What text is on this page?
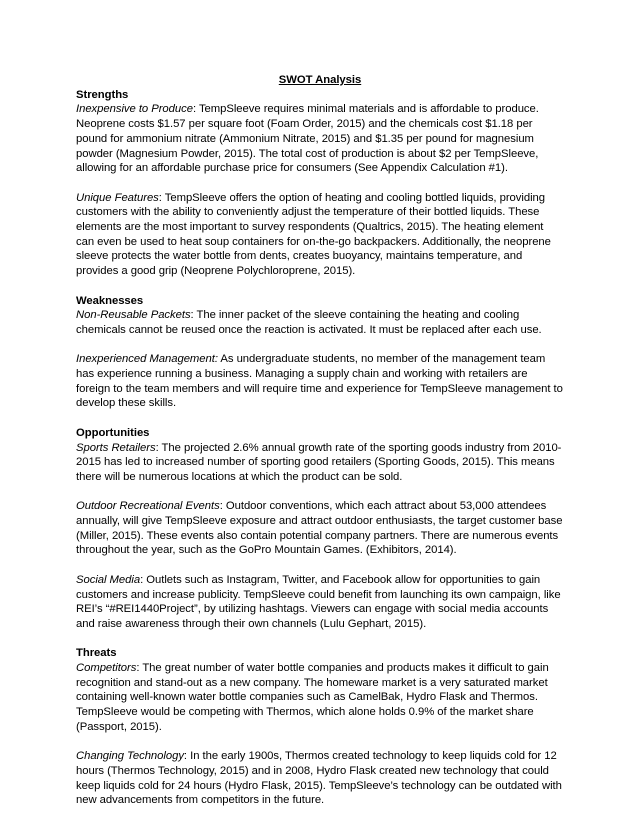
SWOT Analysis
Strengths

Inexpensive to Produce: TempSleeve requires minimal materials and is affordable to produce. Neoprene costs $1.57 per square foot (Foam Order, 2015) and the chemicals cost $1.18 per pound for ammonium nitrate (Ammonium Nitrate, 2015) and $1.35 per pound for magnesium powder (Magnesium Powder, 2015). The total cost of production is about $2 per TempSleeve, allowing for an affordable purchase price for consumers (See Appendix Calculation #1).

Unique Features: TempSleeve offers the option of heating and cooling bottled liquids, providing customers with the ability to conveniently adjust the temperature of their bottled liquids. These elements are the most important to survey respondents (Qualtrics, 2015). The heating element can even be used to heat soup containers for on-the-go backpackers. Additionally, the neoprene sleeve protects the water bottle from dents, creates buoyancy, maintains temperature, and provides a good grip (Neoprene Polychloroprene, 2015).

Weaknesses

Non-Reusable Packets: The inner packet of the sleeve containing the heating and cooling chemicals cannot be reused once the reaction is activated. It must be replaced after each use.

Inexperienced Management: As undergraduate students, no member of the management team has experience running a business. Managing a supply chain and working with retailers are foreign to the team members and will require time and experience for TempSleeve management to develop these skills.

Opportunities

Sports Retailers: The projected 2.6% annual growth rate of the sporting goods industry from 2010-2015 has led to increased number of sporting good retailers (Sporting Goods, 2015). This means there will be numerous locations at which the product can be sold.

Outdoor Recreational Events: Outdoor conventions, which each attract about 53,000 attendees annually, will give TempSleeve exposure and attract outdoor enthusiasts, the target customer base (Miller, 2015). These events also contain potential company partners. There are numerous events throughout the year, such as the GoPro Mountain Games. (Exhibitors, 2014).

Social Media: Outlets such as Instagram, Twitter, and Facebook allow for opportunities to gain customers and increase publicity. TempSleeve could benefit from launching its own campaign, like REI’s “#REI1440Project”, by utilizing hashtags. Viewers can engage with social media accounts and raise awareness through their own channels (Lulu Gephart, 2015).

Threats

Competitors: The great number of water bottle companies and products makes it difficult to gain recognition and stand-out as a new company. The homeware market is a very saturated market containing well-known water bottle companies such as CamelBak, Hydro Flask and Thermos. TempSleeve would be competing with Thermos, which alone holds 0.9% of the market share (Passport, 2015).

Changing Technology: In the early 1900s, Thermos created technology to keep liquids cold for 12 hours (Thermos Technology, 2015) and in 2008, Hydro Flask created new technology that could keep liquids cold for 24 hours (Hydro Flask, 2015). TempSleeve’s technology can be outdated with new advancements from competitors in the future.
